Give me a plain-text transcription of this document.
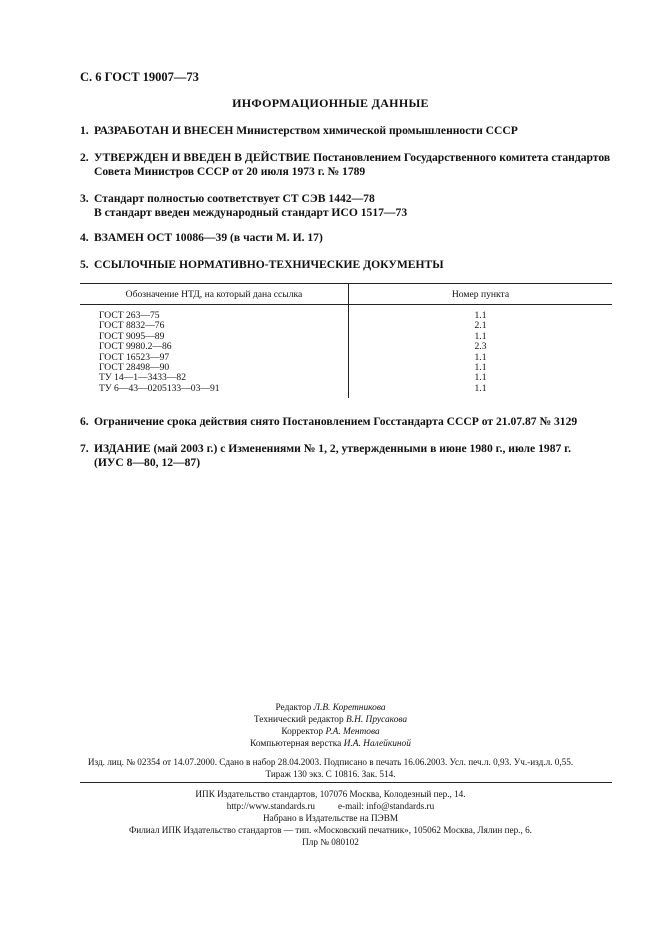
С. 6 ГОСТ 19007—73
ИНФОРМАЦИОННЫЕ ДАННЫЕ
1. РАЗРАБОТАН И ВНЕСЕН Министерством химической промышленности СССР
2. УТВЕРЖДЕН И ВВЕДЕН В ДЕЙСТВИЕ Постановлением Государственного комитета стандартов
Совета Министров СССР от 20 июля 1973 г. № 1789
3. Стандарт полностью соответствует СТ СЭВ 1442—78
В стандарт введен международный стандарт ИСО 1517—73
4. ВЗАМЕН ОСТ 10086—39 (в части М. И. 17)
5. ССЫЛОЧНЫЕ НОРМАТИВНО-ТЕХНИЧЕСКИЕ ДОКУМЕНТЫ
Обозначение НТД, на который дана ссылка	Номер пункта
ГОСТ 263—75	1.1
ГОСТ 8832—76	2.1
ГОСТ 9095—89	1.1
ГОСТ 9980.2—86	2.3
ГОСТ 16523—97	1.1
ГОСТ 28498—90	1.1
ТУ 14—1—3433—82	1.1
ТУ 6—43—0205133—03—91	1.1
6. Ограничение срока действия снято Постановлением Госстандарта СССР от 21.07.87 № 3129
7. ИЗДАНИЕ (май 2003 г.) с Изменениями № 1, 2, утвержденными в июне 1980 г., июле 1987 г.
(ИУС 8—80, 12—87)
Редактор Л.В. Коретникова
Технический редактор В.Н. Прусакова
Корректор Р.А. Ментова
Компьютерная верстка И.А. Налейкиной
Изд. лиц. № 02354 от 14.07.2000. Сдано в набор 28.04.2003. Подписано в печать 16.06.2003. Усл. печ.л. 0,93. Уч.-изд.л. 0,55.
Тираж 130 экз. С 10816. Зак. 514.
ИПК Издательство стандартов, 107076 Москва, Колодезный пер., 14.
http://www.standards.ru e-mail: info@standards.ru
Набрано в Издательстве на ПЭВМ
Филиал ИПК Издательство стандартов — тип. «Московский печатник», 105062 Москва, Лялин пер., 6.
Плр № 080102
